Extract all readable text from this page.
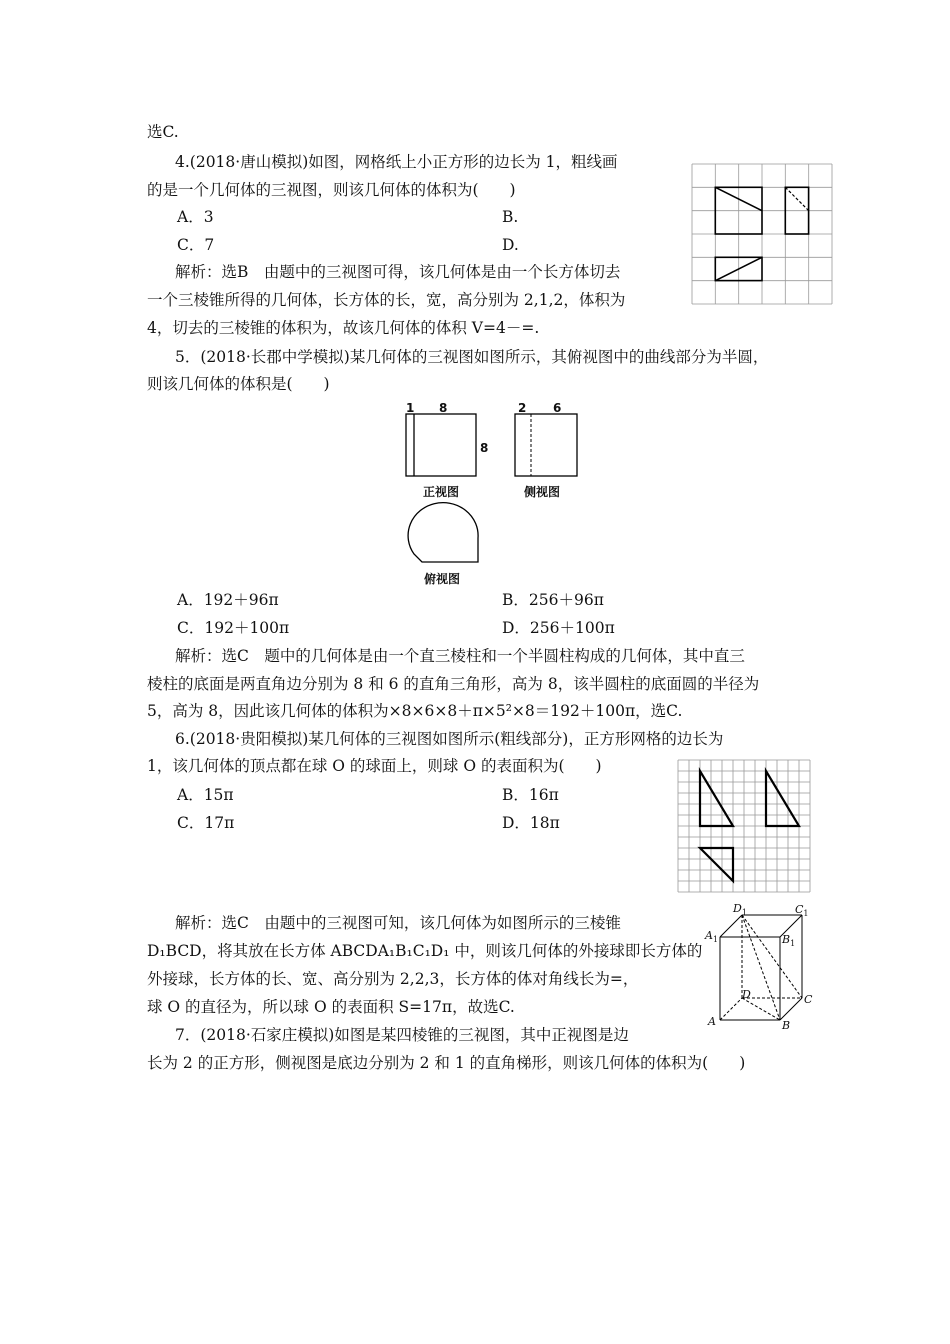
选C.
4.(2018·唐山模拟)如图，网格纸上小正方形的边长为 1，粗线画
的是一个几何体的三视图，则该几何体的体积为(　　)
A．3	B.
C．7	D.
解析：选B　由题中的三视图可得，该几何体是由一个长方体切去
一个三棱锥所得的几何体，长方体的长，宽，高分别为 2,1,2，体积为
4，切去的三棱锥的体积为，故该几何体的体积 V=4－=.
5．(2018·长郡中学模拟)某几何体的三视图如图所示，其俯视图中的曲线部分为半圆，
则该几何体的体积是(　　)
A．192＋96π	B．256＋96π
C．192＋100π	D．256＋100π
解析：选C　题中的几何体是由一个直三棱柱和一个半圆柱构成的几何体，其中直三
棱柱的底面是两直角边分别为 8 和 6 的直角三角形，高为 8，该半圆柱的底面圆的半径为
5，高为 8，因此该几何体的体积为×8×6×8＋π×5²×8＝192＋100π，选C.
6.(2018·贵阳模拟)某几何体的三视图如图所示(粗线部分)，正方形网格的边长为
1，该几何体的顶点都在球 O 的球面上，则球 O 的表面积为(　　)
A．15π	B．16π
C．17π	D．18π
解析：选C　由题中的三视图可知，该几何体为如图所示的三棱锥
D₁BCD，将其放在长方体 ABCDA₁B₁C₁D₁ 中，则该几何体的外接球即长方体的
外接球，长方体的长、宽、高分别为 2,2,3，长方体的体对角线长为=，
球 O 的直径为，所以球 O 的表面积 S=17π，故选C.
7．(2018·石家庄模拟)如图是某四棱锥的三视图，其中正视图是边
长为 2 的正方形，侧视图是底边分别为 2 和 1 的直角梯形，则该几何体的体积为(　　)
1 8
8
2 6
正视图	侧视图
俯视图
$D_1$	$C_1$
$A_1$	$B_1$
D	C
A	B
